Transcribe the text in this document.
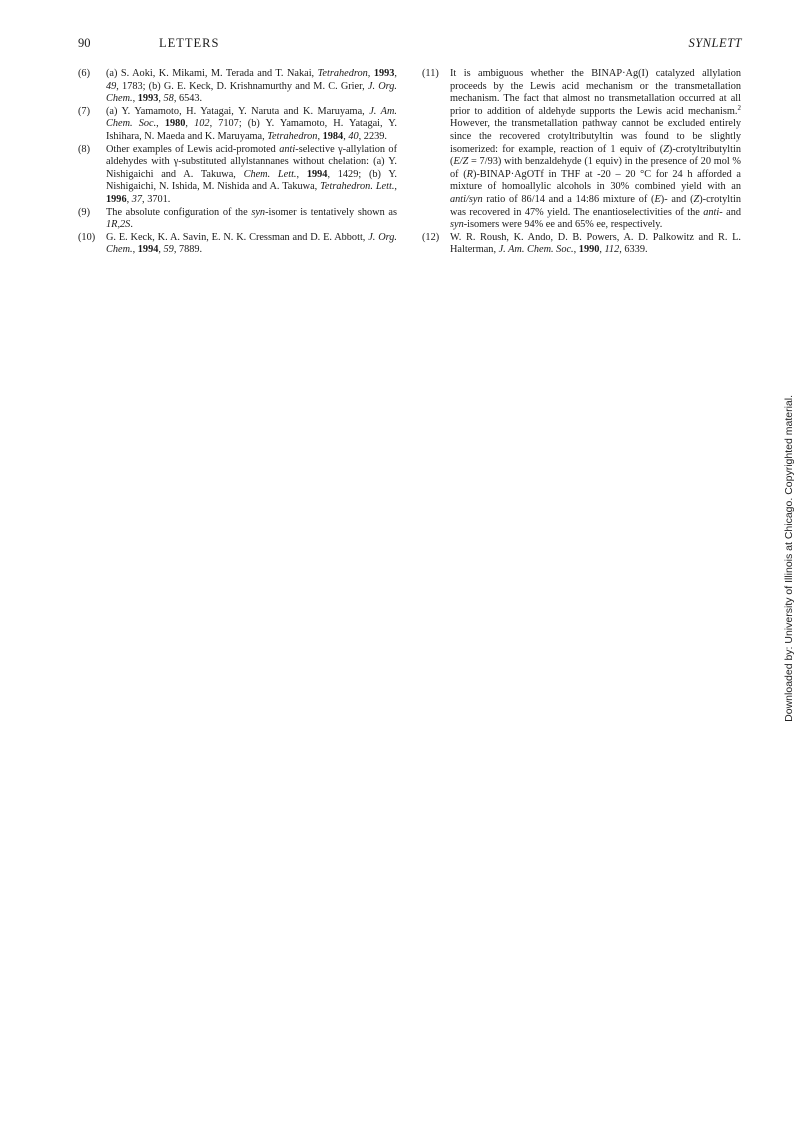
90	LETTERS	SYNLETT
(6) (a) S. Aoki, K. Mikami, M. Terada and T. Nakai, Tetrahedron, 1993, 49, 1783; (b) G. E. Keck, D. Krishnamurthy and M. C. Grier, J. Org. Chem., 1993, 58, 6543.
(7) (a) Y. Yamamoto, H. Yatagai, Y. Naruta and K. Maruyama, J. Am. Chem. Soc., 1980, 102, 7107; (b) Y. Yamamoto, H. Yatagai, Y. Ishihara, N. Maeda and K. Maruyama, Tetrahedron, 1984, 40, 2239.
(8) Other examples of Lewis acid-promoted anti-selective γ-allylation of aldehydes with γ-substituted allylstannanes without chelation: (a) Y. Nishigaichi and A. Takuwa, Chem. Lett., 1994, 1429; (b) Y. Nishigaichi, N. Ishida, M. Nishida and A. Takuwa, Tetrahedron. Lett., 1996, 37, 3701.
(9) The absolute configuration of the syn-isomer is tentatively shown as 1R,2S.
(10) G. E. Keck, K. A. Savin, E. N. K. Cressman and D. E. Abbott, J. Org. Chem., 1994, 59, 7889.
(11) It is ambiguous whether the BINAP·Ag(I) catalyzed allylation proceeds by the Lewis acid mechanism or the transmetallation mechanism. The fact that almost no transmetallation occurred at all prior to addition of aldehyde supports the Lewis acid mechanism.$^2$ However, the transmetallation pathway cannot be excluded entirely since the recovered crotyltributyltin was found to be slightly isomerized: for example, reaction of 1 equiv of (Z)-crotyltributyltin (E/Z = 7/93) with benzaldehyde (1 equiv) in the presence of 20 mol % of (R)-BINAP·AgOTf in THF at -20 – 20 °C for 24 h afforded a mixture of homoallylic alcohols in 30% combined yield with an anti/syn ratio of 86/14 and a 14:86 mixture of (E)- and (Z)-crotyltin was recovered in 47% yield. The enantioselectivities of the anti- and syn-isomers were 94% ee and 65% ee, respectively.
(12) W. R. Roush, K. Ando, D. B. Powers, A. D. Palkowitz and R. L. Halterman, J. Am. Chem. Soc., 1990, 112, 6339.
Downloaded by: University of Illinois at Chicago. Copyrighted material.
